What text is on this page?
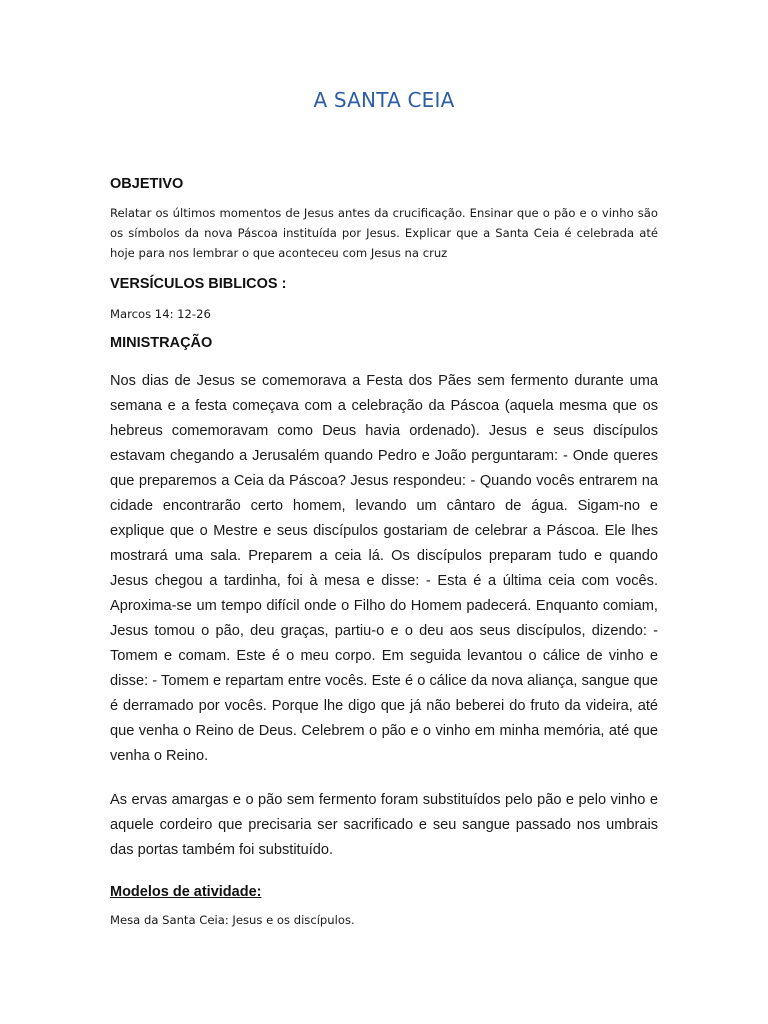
A SANTA CEIA
OBJETIVO

Relatar os últimos momentos de Jesus antes da crucificação. Ensinar que o pão e o vinho são os símbolos da nova Páscoa instituída por Jesus. Explicar que a Santa Ceia é celebrada até hoje para nos lembrar o que aconteceu com Jesus na cruz

VERSÍCULOS BIBLICOS :

Marcos 14: 12-26

MINISTRAÇÃO

Nos dias de Jesus se comemorava a Festa dos Pães sem fermento durante uma semana e a festa começava com a celebração da Páscoa (aquela mesma que os hebreus comemoravam como Deus havia ordenado). Jesus e seus discípulos estavam chegando a Jerusalém quando Pedro e João perguntaram: - Onde queres que preparemos a Ceia da Páscoa? Jesus respondeu: - Quando vocês entrarem na cidade encontrarão certo homem, levando um cântaro de água. Sigam-no e explique que o Mestre e seus discípulos gostariam de celebrar a Páscoa. Ele lhes mostrará uma sala. Preparem a ceia lá. Os discípulos preparam tudo e quando Jesus chegou a tardinha, foi à mesa e disse: - Esta é a última ceia com vocês. Aproxima-se um tempo difícil onde o Filho do Homem padecerá. Enquanto comiam, Jesus tomou o pão, deu graças, partiu-o e o deu aos seus discípulos, dizendo: - Tomem e comam. Este é o meu corpo. Em seguida levantou o cálice de vinho e disse: - Tomem e repartam entre vocês. Este é o cálice da nova aliança, sangue que é derramado por vocês. Porque lhe digo que já não beberei do fruto da videira, até que venha o Reino de Deus. Celebrem o pão e o vinho em minha memória, até que venha o Reino.

As ervas amargas e o pão sem fermento foram substituídos pelo pão e pelo vinho e aquele cordeiro que precisaria ser sacrificado e seu sangue passado nos umbrais das portas também foi substituído.

Modelos de atividade:

Mesa da Santa Ceia: Jesus e os discípulos.
